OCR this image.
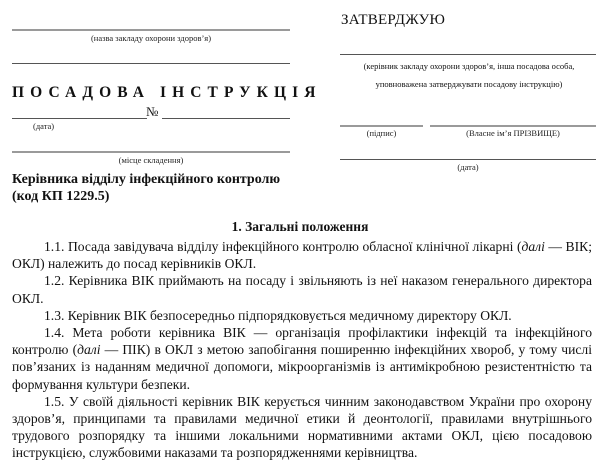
(назва закладу охорони здоров’я)
ПОСАДОВА ІНСТРУКЦІЯ
№
(дата)
(місце складення)
Керівника відділу інфекційного контролю
(код КП 1229.5)
ЗАТВЕРДЖУЮ
(керівник закладу охорони здоров’я, інша посадова особа, уповноважена затверджувати посадову інструкцію)
(підпис)	(Власне ім’я ПРІЗВИЩЕ)
(дата)
1. Загальні положення

1.1. Посада завідувача відділу інфекційного контролю обласної клінічної лікарні (далі — ВІК; ОКЛ) належить до посад керівників ОКЛ.

1.2. Керівника ВІК приймають на посаду і звільняють із неї наказом генерального директора ОКЛ.

1.3. Керівник ВІК безпосередньо підпорядковується медичному директору ОКЛ.

1.4. Мета роботи керівника ВІК — організація профілактики інфекцій та інфекційного контролю (далі — ПІК) в ОКЛ з метою запобігання поширенню інфекційних хвороб, у тому числі пов’язаних із наданням медичної допомоги, мікроорганізмів із антимікробною резистентністю та формування культури безпеки.

1.5. У своїй діяльності керівник ВІК керується чинним законодавством України про охорону здоров’я, принципами та правилами медичної етики й деонтології, правилами внутрішнього трудового розпорядку та іншими локальними нормативними актами ОКЛ, цією посадовою інструкцією, службовими наказами та розпорядженнями керівництва.
